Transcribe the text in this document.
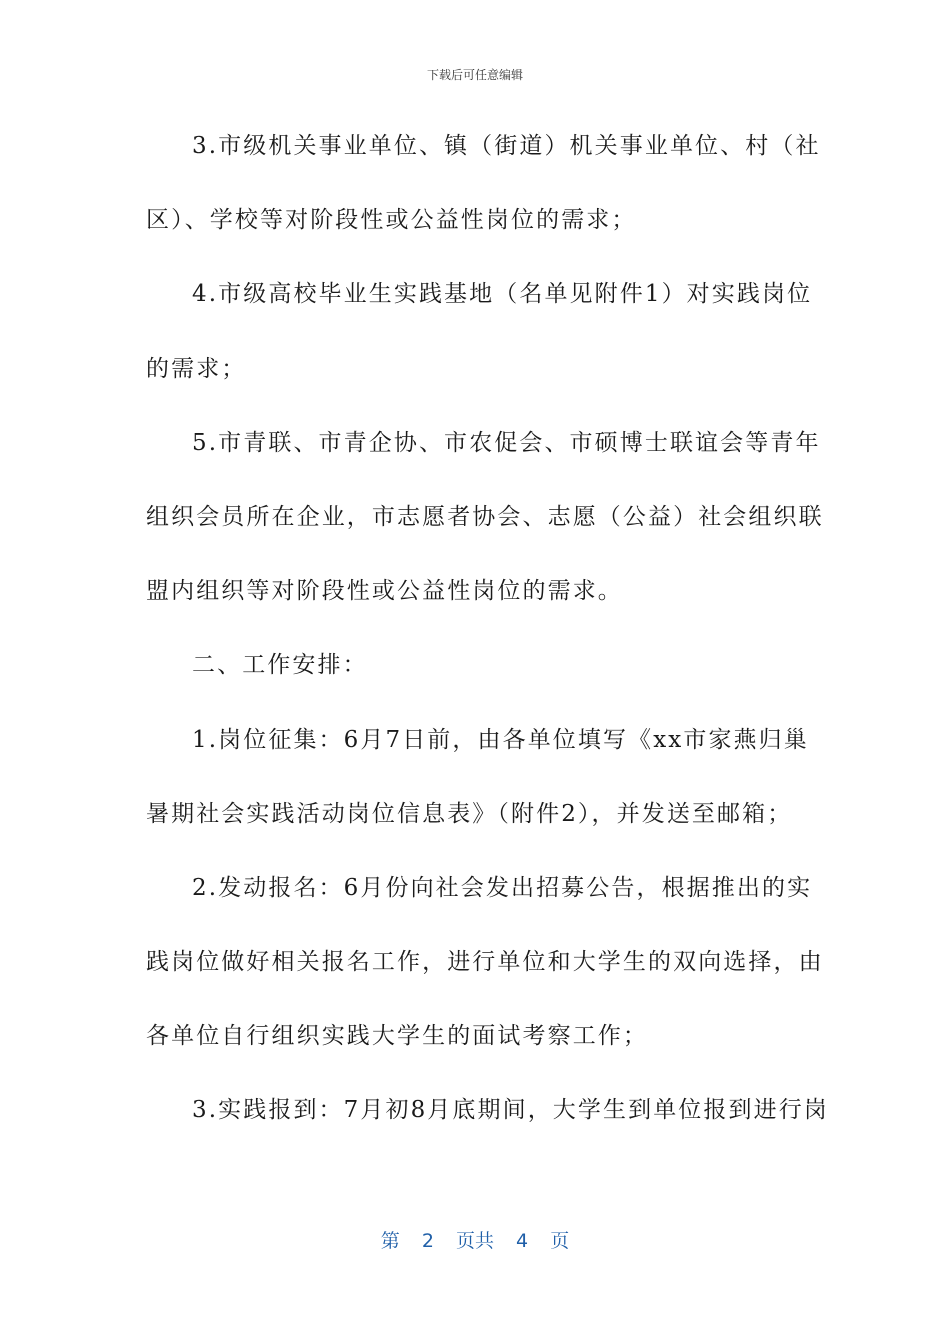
下载后可任意编辑
3.市级机关事业单位、镇（街道）机关事业单位、村（社
区）、学校等对阶段性或公益性岗位的需求；
4.市级高校毕业生实践基地（名单见附件1）对实践岗位
的需求；
5.市青联、市青企协、市农促会、市硕博士联谊会等青年
组织会员所在企业，市志愿者协会、志愿（公益）社会组织联
盟内组织等对阶段性或公益性岗位的需求。
二、工作安排：
1.岗位征集：6月7日前，由各单位填写《xx市家燕归巢
暑期社会实践活动岗位信息表》（附件2），并发送至邮箱；
2.发动报名：6月份向社会发出招募公告，根据推出的实
践岗位做好相关报名工作，进行单位和大学生的双向选择，由
各单位自行组织实践大学生的面试考察工作；
3.实践报到：7月初8月底期间，大学生到单位报到进行岗
第 2 页共 4 页
